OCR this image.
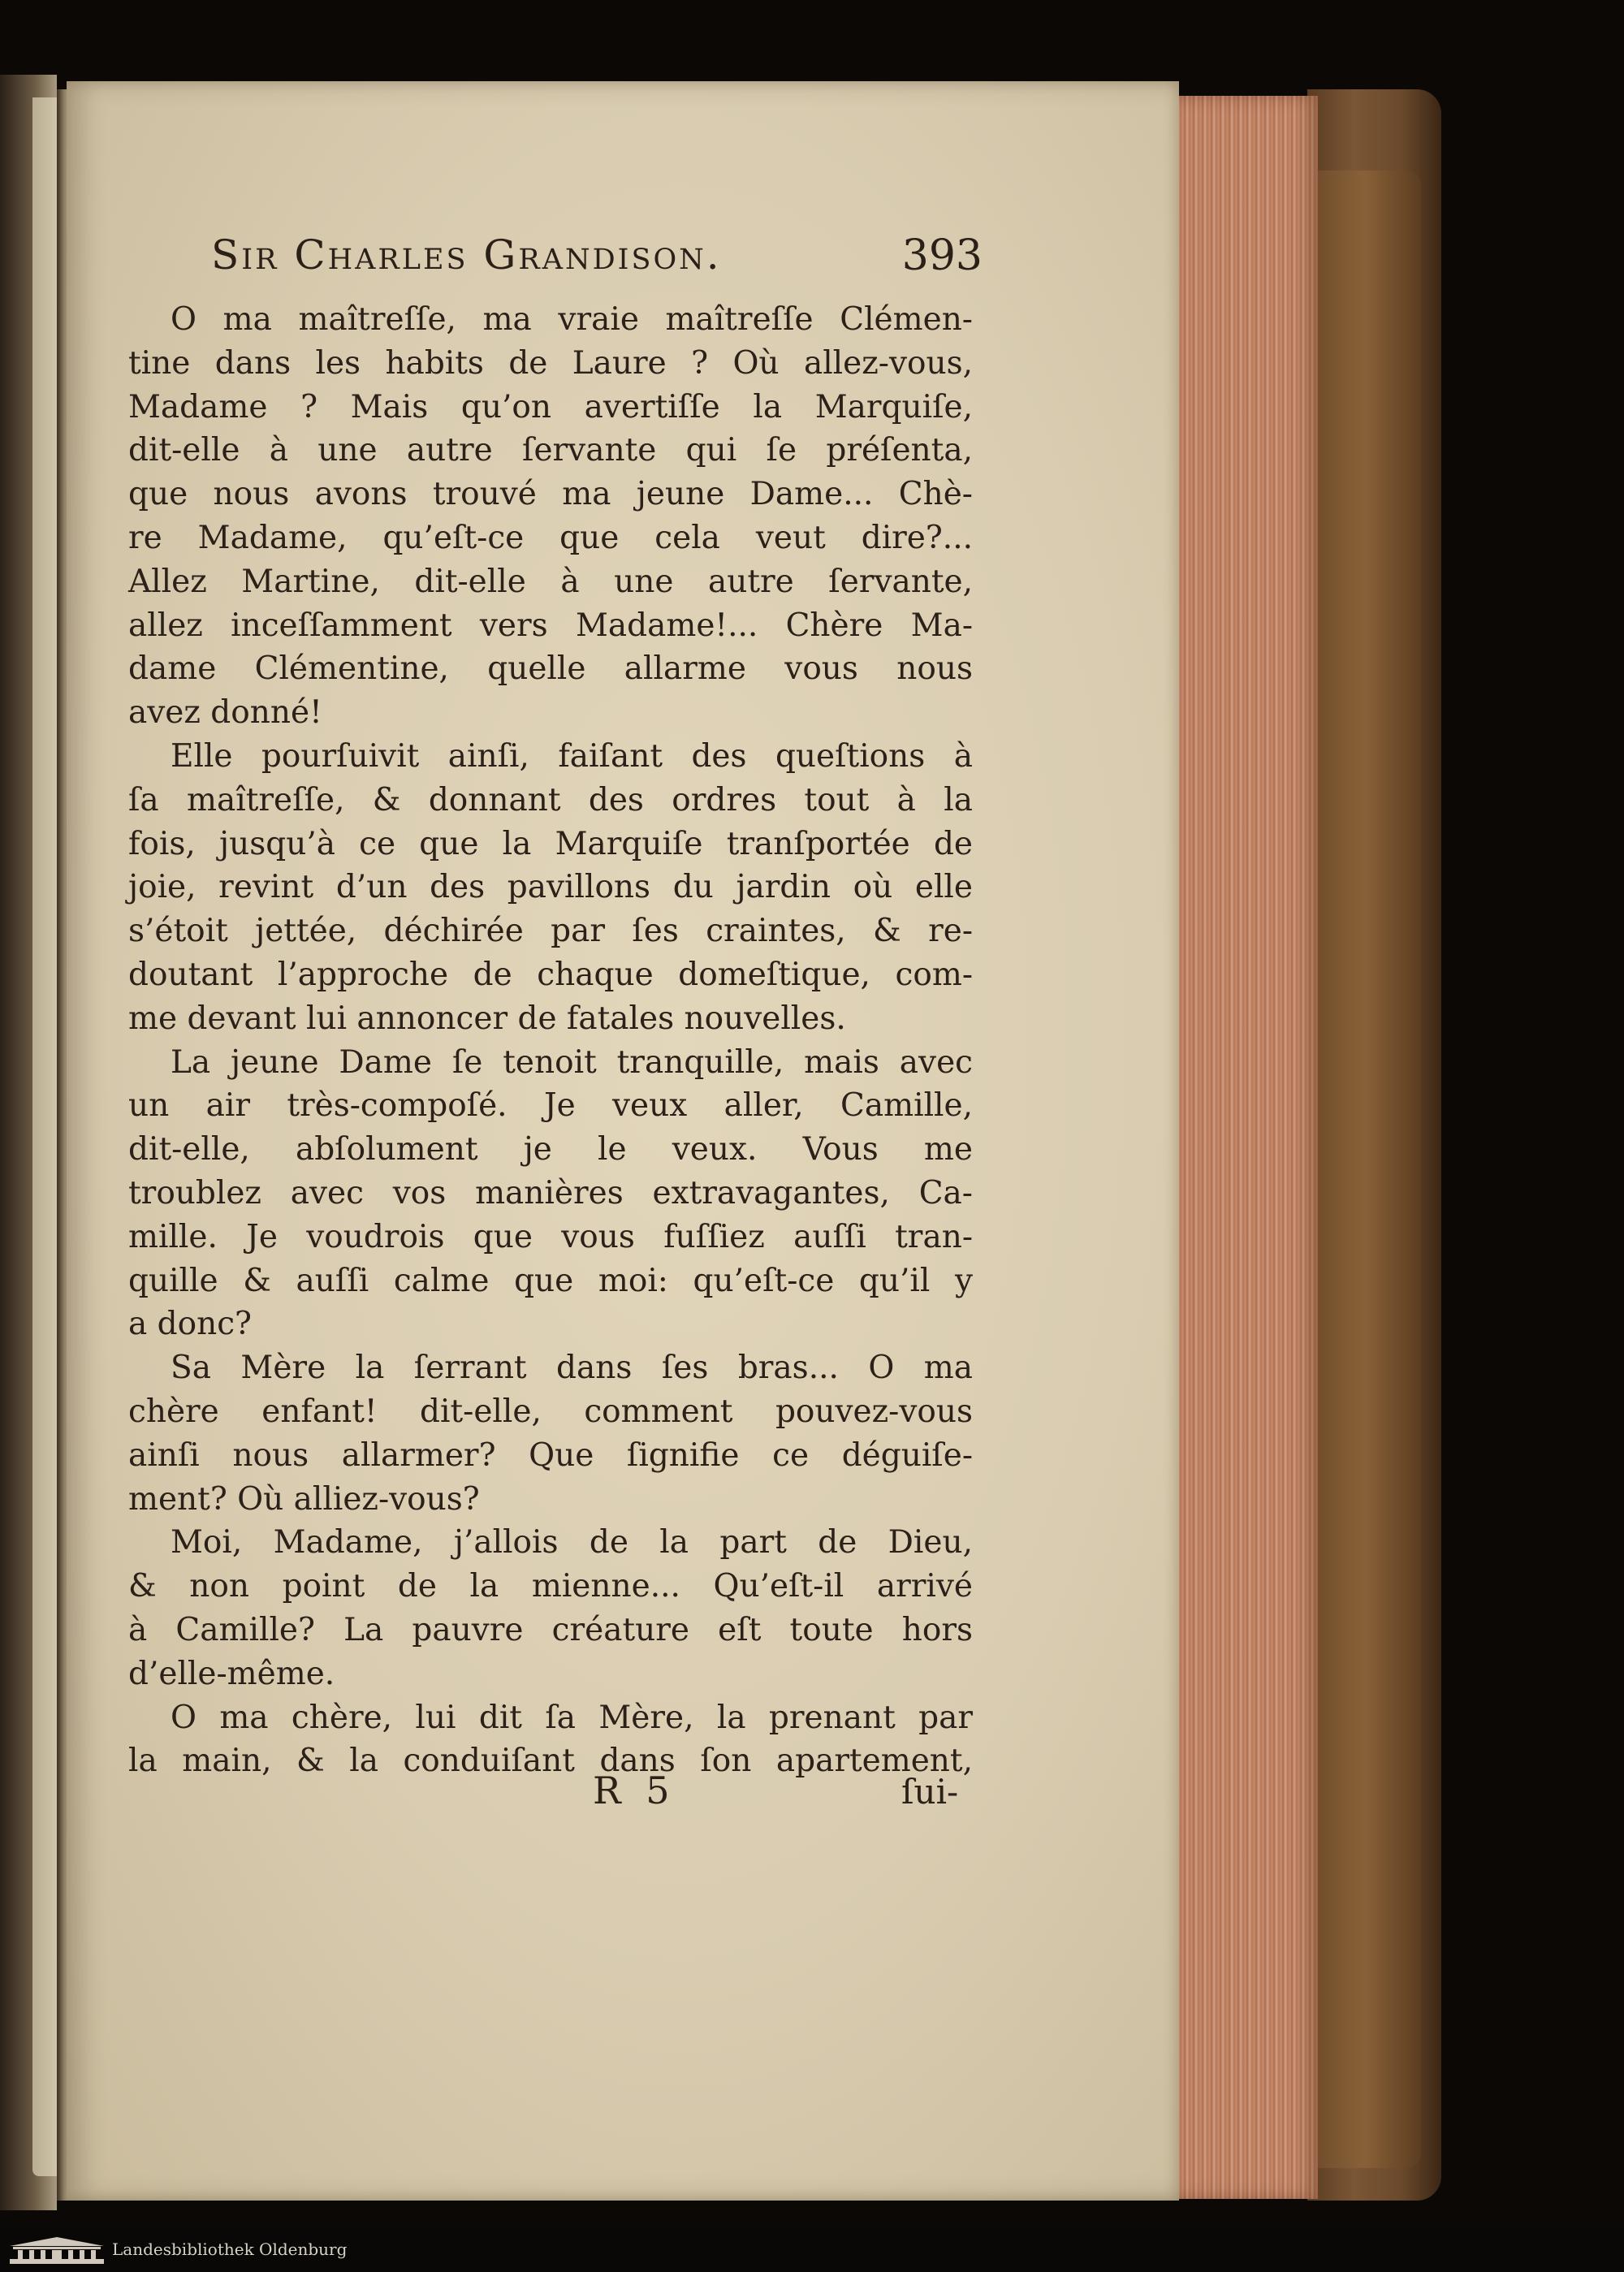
Sir Charles Grandison.	393
O ma maîtreſſe, ma vraie maîtreſſe Clémen-
tine dans les habits de Laure ? Où allez-vous,
Madame ? Mais qu’on avertiſſe la Marquiſe,
dit-elle à une autre ſervante qui ſe préſenta,
que nous avons trouvé ma jeune Dame... Chè-
re Madame, qu’eſt-ce que cela veut dire?...
Allez Martine, dit-elle à une autre ſervante,
allez inceſſamment vers Madame!... Chère Ma-
dame Clémentine, quelle allarme vous nous
avez donné!
Elle pourſuivit ainſi, faiſant des queſtions à
ſa maîtreſſe, & donnant des ordres tout à la
fois, jusqu’à ce que la Marquiſe tranſportée de
joie, revint d’un des pavillons du jardin où elle
s’étoit jettée, déchirée par ſes craintes, & re-
doutant l’approche de chaque domeſtique, com-
me devant lui annoncer de fatales nouvelles.
La jeune Dame ſe tenoit tranquille, mais avec
un air très-compoſé. Je veux aller, Camille,
dit-elle, abſolument je le veux. Vous me
troublez avec vos manières extravagantes, Ca-
mille. Je voudrois que vous fuſſiez auſſi tran-
quille & auſſi calme que moi: qu’eſt-ce qu’il y
a donc?
Sa Mère la ſerrant dans ſes bras... O ma
chère enfant! dit-elle, comment pouvez-vous
ainſi nous allarmer? Que ſignifie ce déguiſe-
ment? Où alliez-vous?
Moi, Madame, j’allois de la part de Dieu,
& non point de la mienne... Qu’eſt-il arrivé
à Camille? La pauvre créature eſt toute hors
d’elle-même.
O ma chère, lui dit ſa Mère, la prenant par
la main, & la conduiſant dans ſon apartement,
R 5	ſui-
Landesbibliothek Oldenburg
